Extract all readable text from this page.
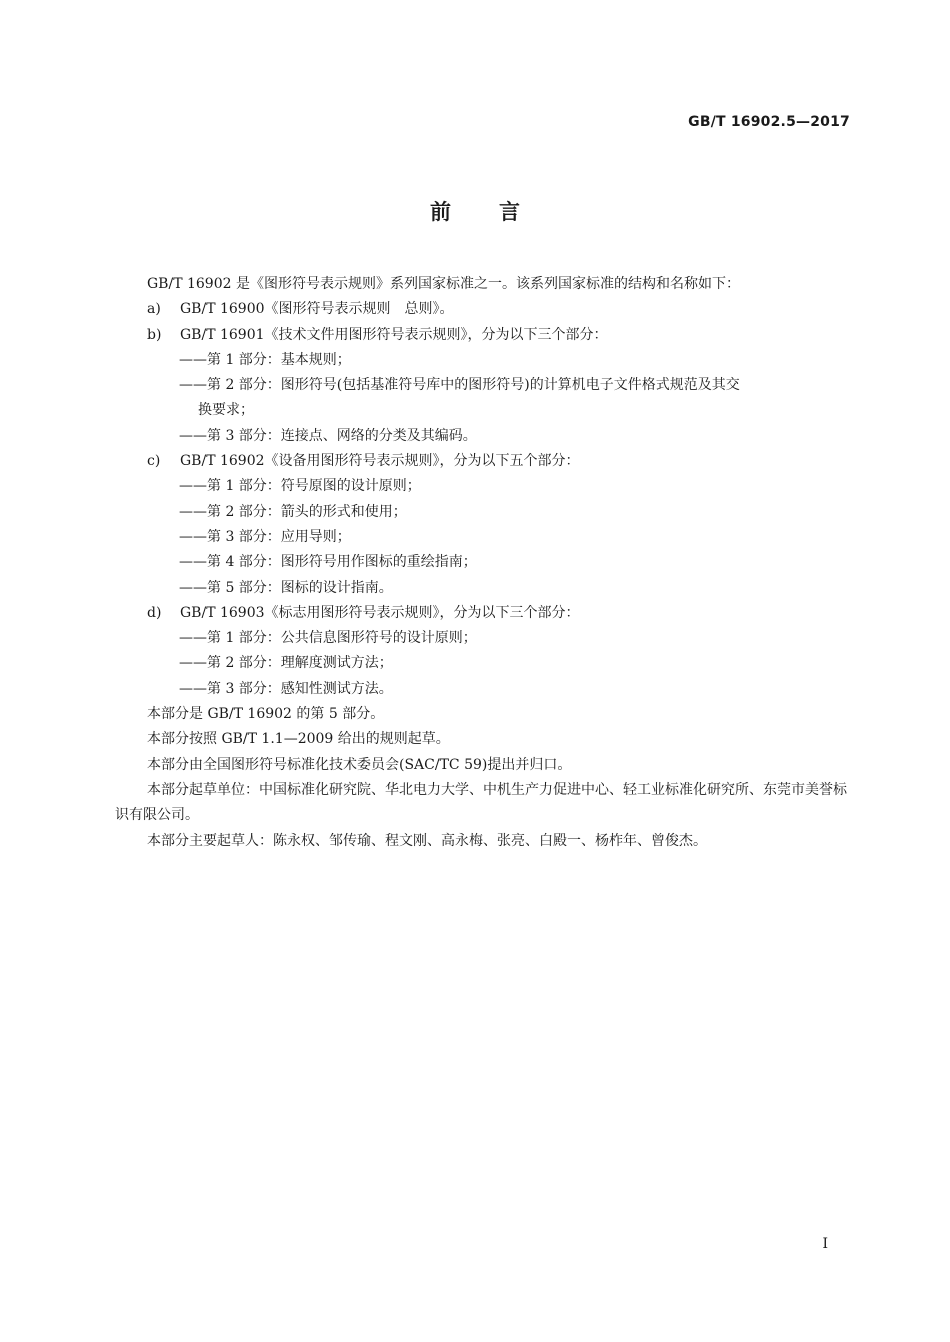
GB/T 16902.5—2017
前 言
GB/T 16902 是《图形符号表示规则》系列国家标准之一。该系列国家标准的结构和名称如下：
a) GB/T 16900《图形符号表示规则　总则》。
b) GB/T 16901《技术文件用图形符号表示规则》，分为以下三个部分：
——第 1 部分：基本规则；
——第 2 部分：图形符号(包括基准符号库中的图形符号)的计算机电子文件格式规范及其交
换要求；
——第 3 部分：连接点、网络的分类及其编码。
c) GB/T 16902《设备用图形符号表示规则》，分为以下五个部分：
——第 1 部分：符号原图的设计原则；
——第 2 部分：箭头的形式和使用；
——第 3 部分：应用导则；
——第 4 部分：图形符号用作图标的重绘指南；
——第 5 部分：图标的设计指南。
d) GB/T 16903《标志用图形符号表示规则》，分为以下三个部分：
——第 1 部分：公共信息图形符号的设计原则；
——第 2 部分：理解度测试方法；
——第 3 部分：感知性测试方法。
本部分是 GB/T 16902 的第 5 部分。
本部分按照 GB/T 1.1—2009 给出的规则起草。
本部分由全国图形符号标准化技术委员会(SAC/TC 59)提出并归口。
本部分起草单位：中国标准化研究院、华北电力大学、中机生产力促进中心、轻工业标准化研究所、东莞市美誉标识有限公司。
本部分主要起草人：陈永权、邹传瑜、程文刚、高永梅、张亮、白殿一、杨柞年、曾俊杰。
I
